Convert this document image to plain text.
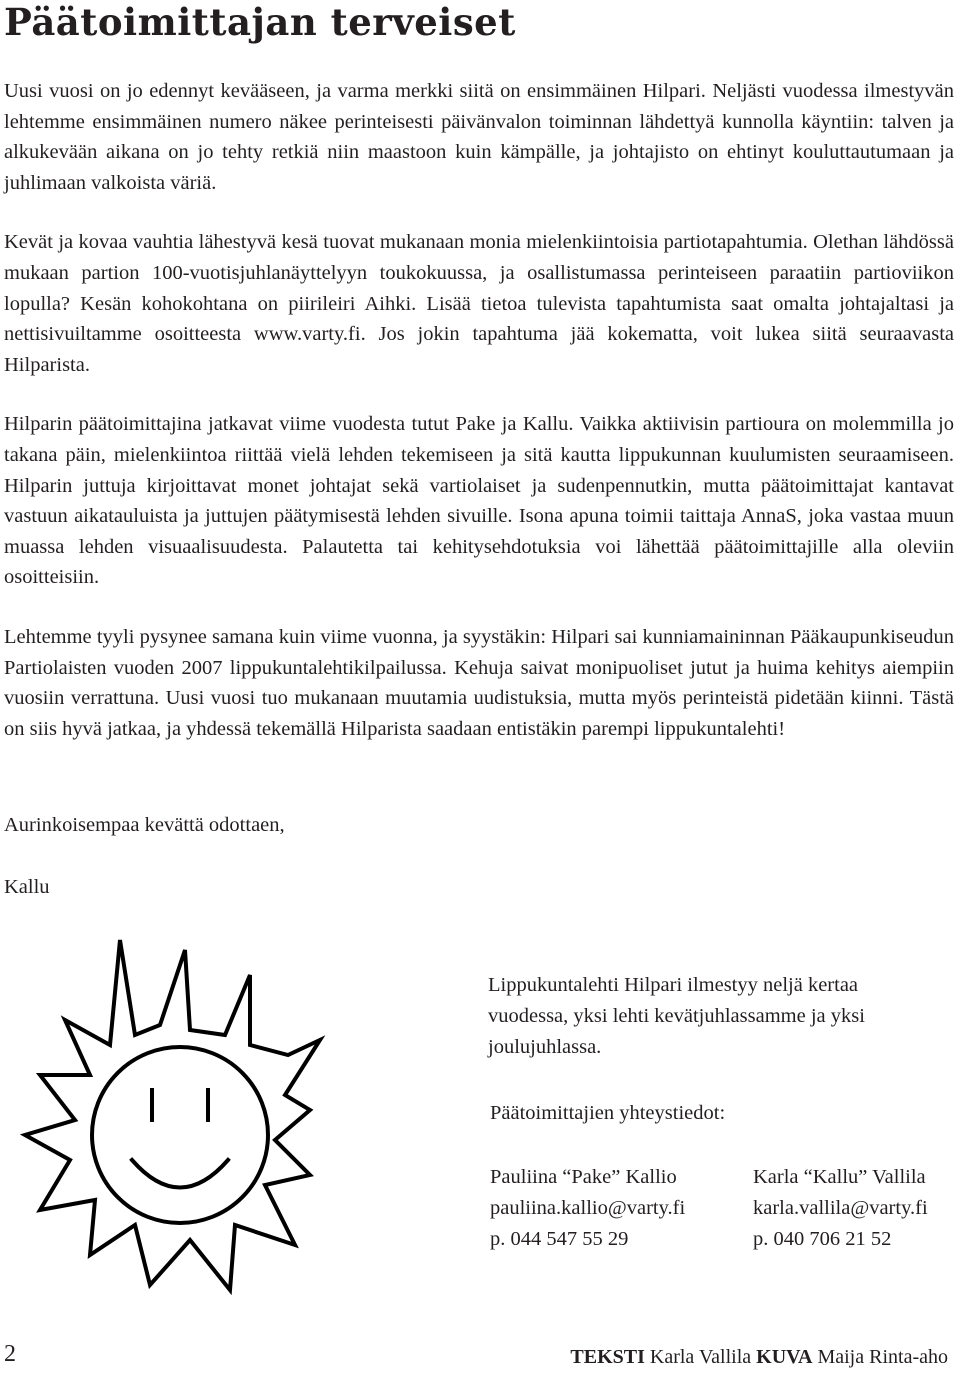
Päätoimittajan terveiset

Uusi vuosi on jo edennyt kevääseen, ja varma merkki siitä on ensimmäinen Hilpari. Neljästi vuodessa ilmestyvän lehtemme ensimmäinen numero näkee perinteisesti päivänvalon toiminnan lähdettyä kunnolla käyntiin: talven ja alkukevään aikana on jo tehty retkiä niin maastoon kuin kämpälle, ja johtajisto on ehtinyt kouluttautumaan ja juhlimaan valkoista väriä.

Kevät ja kovaa vauhtia lähestyvä kesä tuovat mukanaan monia mielenkiintoisia partiotapahtumia. Olethan lähdössä mukaan partion 100-vuotisjuhlanäyttelyyn toukokuussa, ja osallistumassa perinteiseen paraatiin partioviikon lopulla? Kesän kohokohtana on piirileiri Aihki. Lisää tietoa tulevista tapahtumista saat omalta johtajaltasi ja nettisivuiltamme osoitteesta www.varty.fi. Jos jokin tapahtuma jää kokematta, voit lukea siitä seuraavasta Hilparista.

Hilparin päätoimittajina jatkavat viime vuodesta tutut Pake ja Kallu. Vaikka aktiivisin partioura on molemmilla jo takana päin, mielenkiintoa riittää vielä lehden tekemiseen ja sitä kautta lippukunnan kuulumisten seuraamiseen. Hilparin juttuja kirjoittavat monet johtajat sekä vartiolaiset ja sudenpennutkin, mutta päätoimittajat kantavat vastuun aikatauluista ja juttujen päätymisestä lehden sivuille. Isona apuna toimii taittaja AnnaS, joka vastaa muun muassa lehden visuaalisuudesta. Palautetta tai kehitysehdotuksia voi lähettää päätoimittajille alla oleviin osoitteisiin.

Lehtemme tyyli pysynee samana kuin viime vuonna, ja syystäkin: Hilpari sai kunniamaininnan Pääkaupunkiseudun Partiolaisten vuoden 2007 lippukuntalehtikilpailussa. Kehuja saivat monipuoliset jutut ja huima kehitys aiempiin vuosiin verrattuna. Uusi vuosi tuo mukanaan muutamia uudistuksia, mutta myös perinteistä pidetään kiinni. Tästä on siis hyvä jatkaa, ja yhdessä tekemällä Hilparista saadaan entistäkin parempi lippukuntalehti!

Aurinkoisempaa kevättä odottaen,
Kallu

Lippukuntalehti Hilpari ilmestyy neljä kertaa vuodessa, yksi lehti kevätjuhlassamme ja yksi joulujuhlassa.

Päätoimittajien yhteystiedot:
Pauliina “Pake” Kallio
pauliina.kallio@varty.fi
p. 044 547 55 29
Karla “Kallu” Vallila
karla.vallila@varty.fi
p. 040 706 21 52
2	TEKSTI Karla Vallila KUVA Maija Rinta-aho
